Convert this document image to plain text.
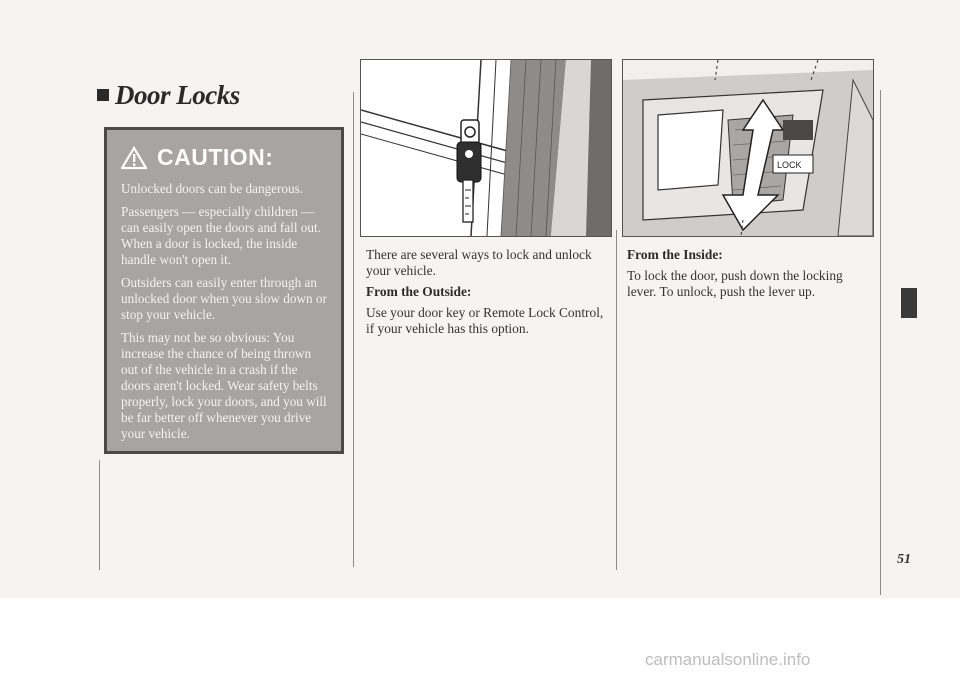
Door Locks
CAUTION:

Unlocked doors can be dangerous.

Passengers — especially children — can easily open the doors and fall out. When a door is locked, the inside handle won't open it.

Outsiders can easily enter through an unlocked door when you slow down or stop your vehicle.

This may not be so obvious: You increase the chance of being thrown out of the vehicle in a crash if the doors aren't locked. Wear safety belts properly, lock your doors, and you will be far better off whenever you drive your vehicle.

LOCK

There are several ways to lock and unlock your vehicle.

From the Outside:

Use your door key or Remote Lock Control, if your vehicle has this option.

From the Inside:

To lock the door, push down the locking lever. To unlock, push the lever up.

51
carmanualsonline.info
